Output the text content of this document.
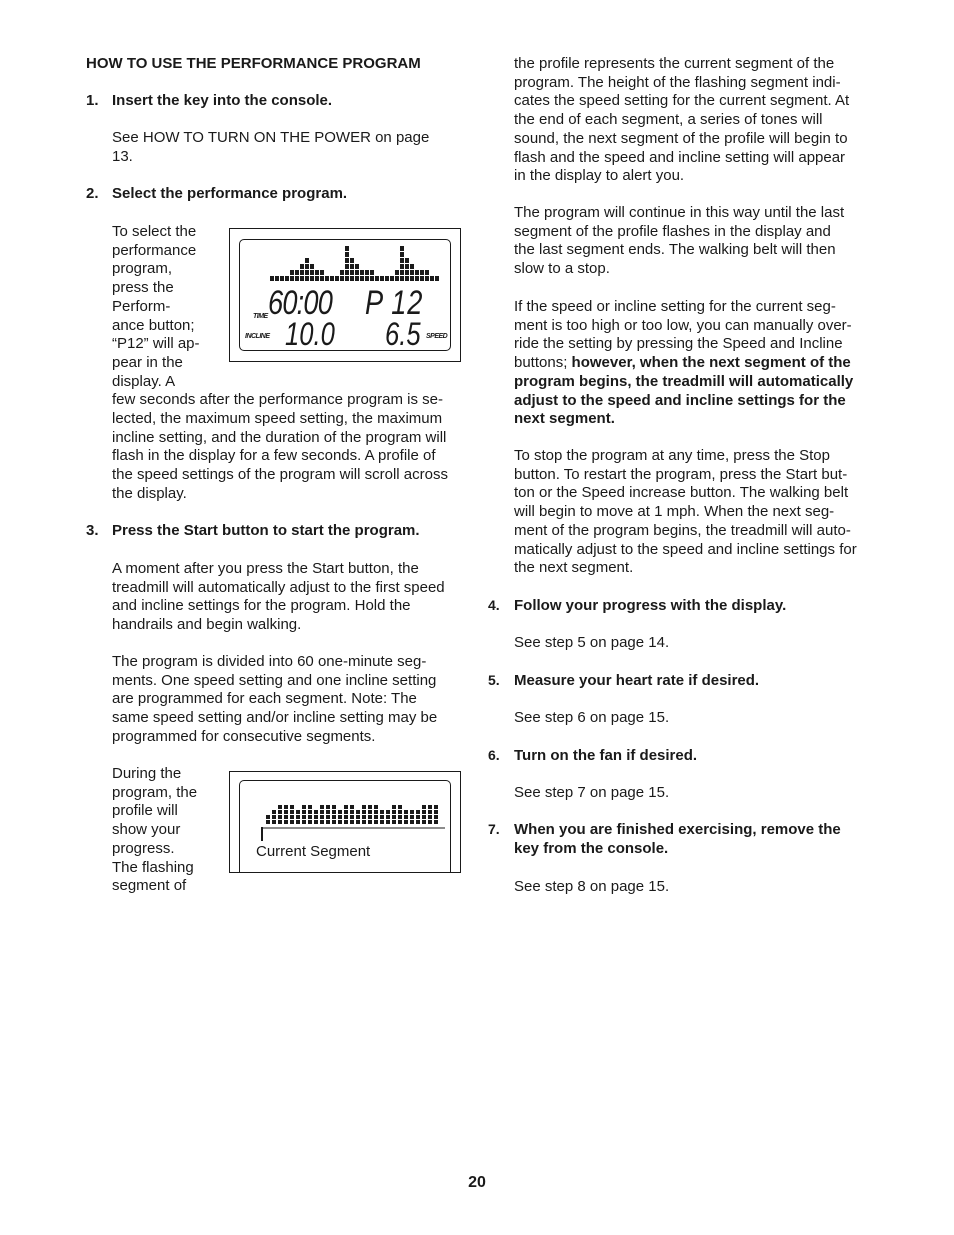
HOW TO USE THE PERFORMANCE PROGRAM
1. Insert the key into the console.

See HOW TO TURN ON THE POWER on page

13.

2. Select the performance program.

To select the

performance

program,

press the

Perform-

ance button;

“P12” will ap-

pear in the

display. A

few seconds after the performance program is se-

lected, the maximum speed setting, the maximum

incline setting, and the duration of the program will

flash in the display for a few seconds. A profile of

the speed settings of the program will scroll across

the display.

TIME 60:00 P 12
INCLINE 10.0 6.5 SPEED
3. Press the Start button to start the program.

A moment after you press the Start button, the

treadmill will automatically adjust to the first speed

and incline settings for the program. Hold the

handrails and begin walking.

The program is divided into 60 one-minute seg-

ments. One speed setting and one incline setting

are programmed for each segment. Note: The

same speed setting and/or incline setting may be

programmed for consecutive segments.

During the

program, the

profile will

show your

progress.

The flashing

segment of

Current Segment

the profile represents the current segment of the

program. The height of the flashing segment indi-

cates the speed setting for the current segment. At

the end of each segment, a series of tones will

sound, the next segment of the profile will begin to

flash and the speed and incline setting will appear

in the display to alert you.

The program will continue in this way until the last

segment of the profile flashes in the display and

the last segment ends. The walking belt will then

slow to a stop.

If the speed or incline setting for the current seg-

ment is too high or too low, you can manually over-

ride the setting by pressing the Speed and Incline

buttons; however, when the next segment of the

program begins, the treadmill will automatically

adjust to the speed and incline settings for the

next segment.

To stop the program at any time, press the Stop

button. To restart the program, press the Start but-

ton or the Speed increase button. The walking belt

will begin to move at 1 mph. When the next seg-

ment of the program begins, the treadmill will auto-

matically adjust to the speed and incline settings for

the next segment.

4. Follow your progress with the display.
See step 5 on page 14.
5. Measure your heart rate if desired.
See step 6 on page 15.
6. Turn on the fan if desired.
See step 7 on page 15.
7. When you are finished exercising, remove the

key from the console.

See step 8 on page 15.
20
